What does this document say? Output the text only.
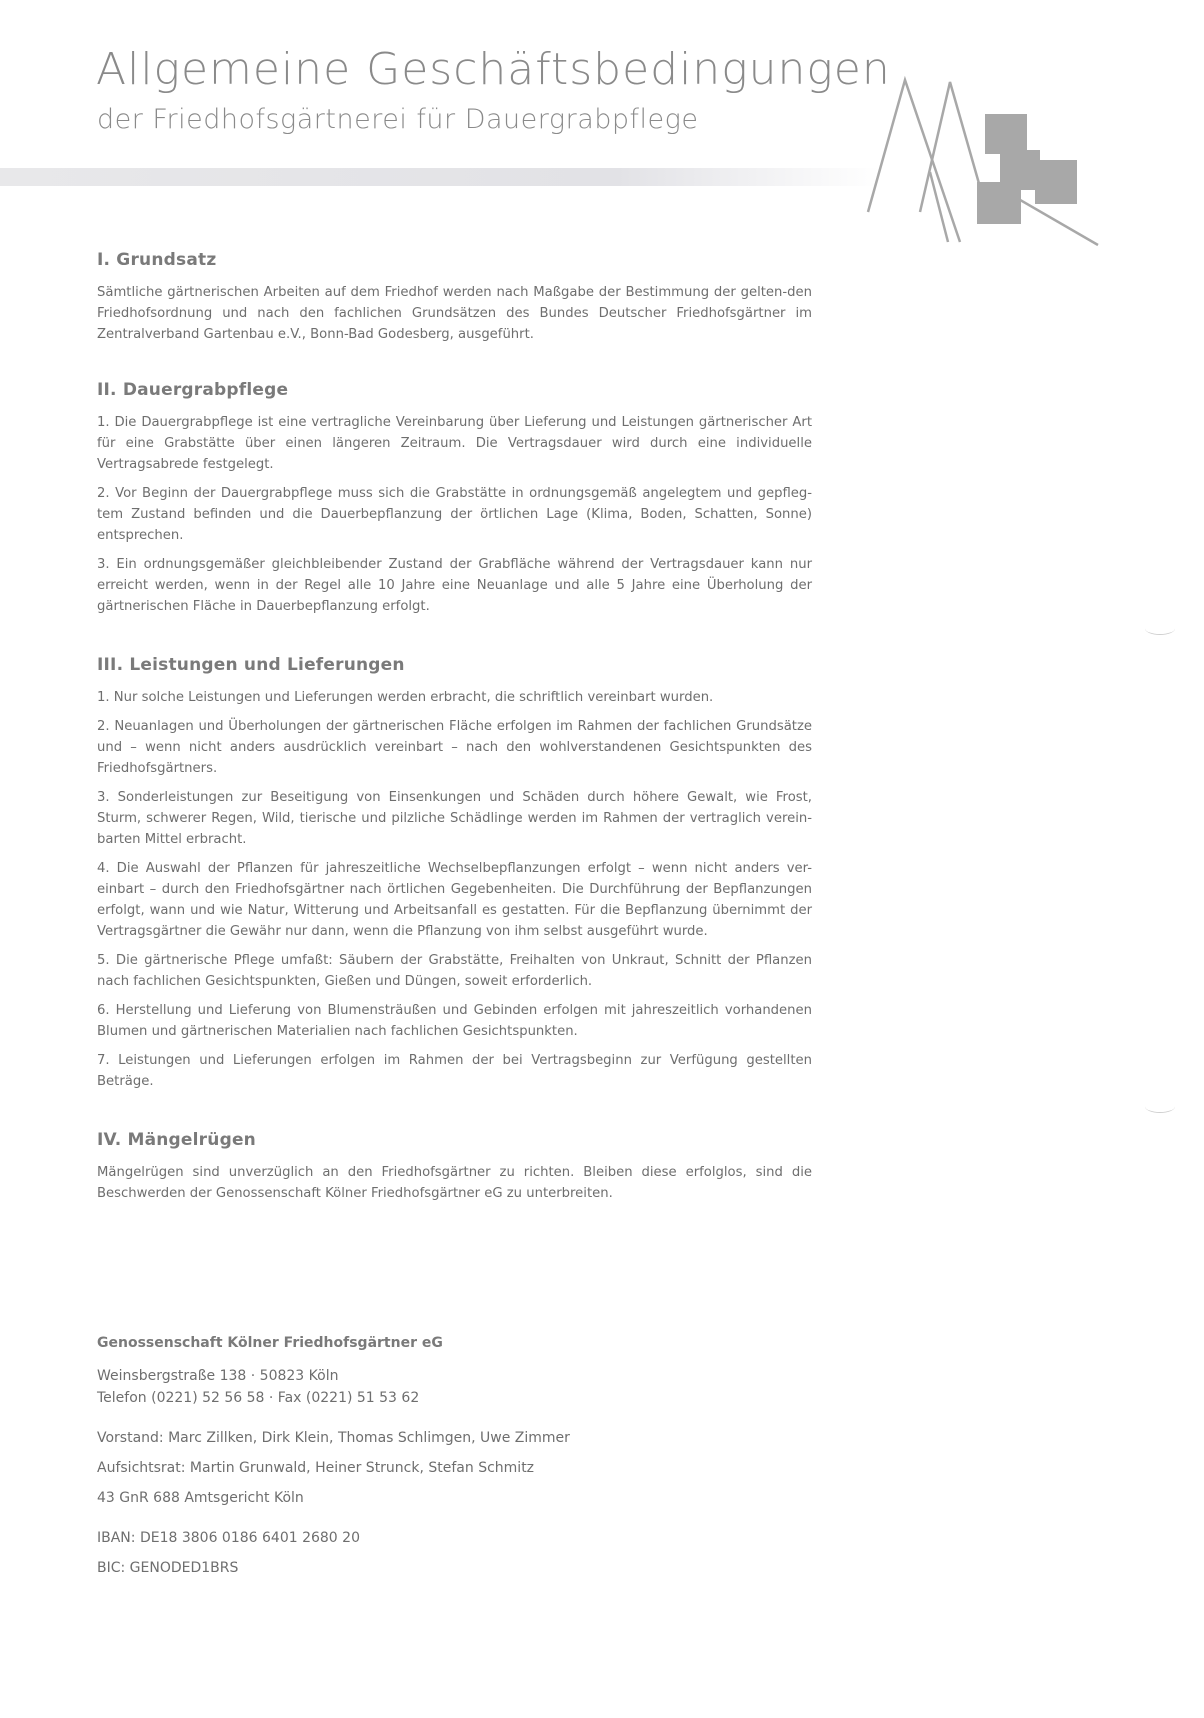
Allgemeine Geschäftsbedingungen

der Friedhofsgärtnerei für Dauergrabpflege

I. Grundsatz

Sämtliche gärtnerischen Arbeiten auf dem Friedhof werden nach Maßgabe der Bestimmung der gelten-den Friedhofsordnung und nach den fachlichen Grundsätzen des Bundes Deutscher Friedhofsgärtner im Zentralverband Gartenbau e.V., Bonn-Bad Godesberg, ausgeführt.

II. Dauergrabpflege

1. Die Dauergrabpflege ist eine vertragliche Vereinbarung über Lieferung und Leistungen gärtnerischer Art für eine Grabstätte über einen längeren Zeitraum. Die Vertragsdauer wird durch eine individuelle Vertragsabrede festgelegt.

2. Vor Beginn der Dauergrabpflege muss sich die Grabstätte in ordnungsgemäß angelegtem und gepfleg-tem Zustand befinden und die Dauerbepflanzung der örtlichen Lage (Klima, Boden, Schatten, Sonne) entsprechen.

3. Ein ordnungsgemäßer gleichbleibender Zustand der Grabfläche während der Vertragsdauer kann nur erreicht werden, wenn in der Regel alle 10 Jahre eine Neuanlage und alle 5 Jahre eine Überholung der gärtnerischen Fläche in Dauerbepflanzung erfolgt.

III. Leistungen und Lieferungen

1. Nur solche Leistungen und Lieferungen werden erbracht, die schriftlich vereinbart wurden.

2. Neuanlagen und Überholungen der gärtnerischen Fläche erfolgen im Rahmen der fachlichen Grundsätze und – wenn nicht anders ausdrücklich vereinbart – nach den wohlverstandenen Gesichtspunkten des Friedhofsgärtners.

3. Sonderleistungen zur Beseitigung von Einsenkungen und Schäden durch höhere Gewalt, wie Frost, Sturm, schwerer Regen, Wild, tierische und pilzliche Schädlinge werden im Rahmen der vertraglich verein-barten Mittel erbracht.

4. Die Auswahl der Pflanzen für jahreszeitliche Wechselbepflanzungen erfolgt – wenn nicht anders ver-einbart – durch den Friedhofsgärtner nach örtlichen Gegebenheiten. Die Durchführung der Bepflanzungen erfolgt, wann und wie Natur, Witterung und Arbeitsanfall es gestatten. Für die Bepflanzung übernimmt der Vertragsgärtner die Gewähr nur dann, wenn die Pflanzung von ihm selbst ausgeführt wurde.

5. Die gärtnerische Pflege umfaßt: Säubern der Grabstätte, Freihalten von Unkraut, Schnitt der Pflanzen nach fachlichen Gesichtspunkten, Gießen und Düngen, soweit erforderlich.

6. Herstellung und Lieferung von Blumensträußen und Gebinden erfolgen mit jahreszeitlich vorhandenen Blumen und gärtnerischen Materialien nach fachlichen Gesichtspunkten.

7. Leistungen und Lieferungen erfolgen im Rahmen der bei Vertragsbeginn zur Verfügung gestellten Beträge.

IV. Mängelrügen

Mängelrügen sind unverzüglich an den Friedhofsgärtner zu richten. Bleiben diese erfolglos, sind die Beschwerden der Genossenschaft Kölner Friedhofsgärtner eG zu unterbreiten.

Genossenschaft Kölner Friedhofsgärtner eG

Weinsbergstraße 138 · 50823 Köln

Telefon (0221) 52 56 58 · Fax (0221) 51 53 62

Vorstand: Marc Zillken, Dirk Klein, Thomas Schlimgen, Uwe Zimmer

Aufsichtsrat: Martin Grunwald, Heiner Strunck, Stefan Schmitz

43 GnR 688 Amtsgericht Köln

IBAN: DE18 3806 0186 6401 2680 20

BIC: GENODED1BRS
